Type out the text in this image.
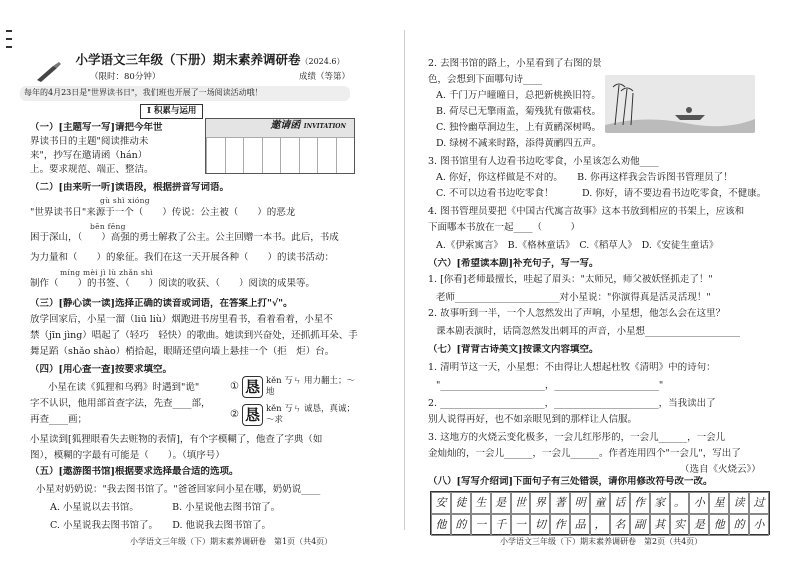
小学语文三年级（下册）期末素养调研卷（2024.6）
（限时：80分钟）	成绩（等第）
每年的4月23日是"世界读书日"，我们班也开展了一场阅读活动哦！
Ⅰ 积累与运用
邀请函 INVITATION
（一）[主题写一写]请把今年世
界读书日的主题"阅读推动未
来"，抄写在邀请函（hán）
上。要求规范、端正、整洁。
（二）[由来听一听]读语段，根据拼音写词语。
gù shì xióng
"世界读书日"来源于一个（　　）传说：公主被（　　）的恶龙
bēn fēng
困于深山，（　　）高强的勇士解救了公主。公主回赠一本书。此后，书成
为力量和（　　）的象征。我们在这一天开展各种（　　）的读书活动：
míng mèi jì lù zhǎn shì
制作（　　）的书签、（　　）阅读的收获、（　　）阅读的成果等。
（三）[静心读一读]选择正确的读音或词语，在答案上打"√"。
放学回家后，小星一溜（liū liù）烟跑进书房里看书，看着看着，小星不
禁（jīn jìng）唱起了（轻巧　轻快）的歌曲。她读到兴奋处，还抓抓耳朵、手
舞足蹈（shǎo shào）梢拾起，眼睛还望向墙上悬挂一个（拒　炬）台。
（四）[用心查一查]按要求填空。
小星在读《狐狸和乌鸦》时遇到"诡"
字不认识，他用部首查字法，先查____部，
再查____画；
① 恳 kěn 丂ㄣ 用力翻土；～地
② 恳 kěn 丂ㄣ 诚恳，真诚；～求
小星读到[狐狸眼看失去赃物的表情]，有个字模糊了，他查了字典（如
图），模糊的字最有可能是（　　）。（填序号）
（五）[遨游图书馆]根据要求选择最合适的选项。
小星对奶奶说："我去图书馆了。"爸爸回家问小星在哪，奶奶说____
A. 小星说以去书馆。　　　　B. 小星说他去图书馆了。
C. 小星说我去图书馆了。　　D. 他说我去图书馆了。
小学语文三年级（下）期末素养调研卷　第1页（共4页）
2. 去图书馆的路上，小星看到了右图的景
色，会想到下面哪句诗____
A. 千门万户曈曈日，总把新桃换旧符。
B. 荷尽已无擎雨盖，菊残犹有傲霜枝。
C. 独怜幽草涧边生，上有黄鹂深树鸣。
D. 绿树不减来时路，添得黄鹂四五声。
3. 图书馆里有人边看书边吃零食，小星该怎么劝他____
A. 你好，你这样做是不对的。　　B. 你再这样我会告诉图书管理员了！
C. 不可以边看书边吃零食！　　　D. 你好，请不要边看书边吃零食，不健康。
4. 图书管理员要把《中国古代寓言故事》这本书放到相应的书架上，应该和
下面哪本书放在一起____（　　　）
A.《伊索寓言》　B.《格林童话》　C.《稻草人》　D.《安徒生童话》
（六）[希望读本剧]补充句子，写一写。
1. [你看]老师最擅长，哇起了眉头："太师兄，师父被妖怪抓走了！"
老师______________________对小星说："你演得真是活灵活现！"
2. 故事听到一半，一个人忽然发出了声响，小星想，他怎么会在这里？
课本剧表演时，话筒忽然发出刺耳的声音，小星想____________________
（七）[背背古诗美文]按课文内容填空。
1. 清明节这一天，小星想：不由得让人想起杜牧《清明》中的诗句：
"______________________，______________________"
2. ______________________，______________________，当我读出了
别人说得再好，也不如亲眼见到的那样让人信服。
3. 这地方的火烧云变化极多，一会儿红彤彤的，一会儿______，一会儿
金灿灿的，一会儿______，一会儿______。作者连用四个"一会儿"，写出了
（选自《火烧云》）
（八）[写写介绍词]下面句子有三处错误，请你用修改符号改一改。
安 徒 生 是 世 界 著 明 童 话 作 家 。 小 星 读 过
他 的 一 千 一 切 作 品 ， 名 副 其 实 是 他 的 小
小学语文三年级（下）期末素养调研卷　第2页（共4页）
